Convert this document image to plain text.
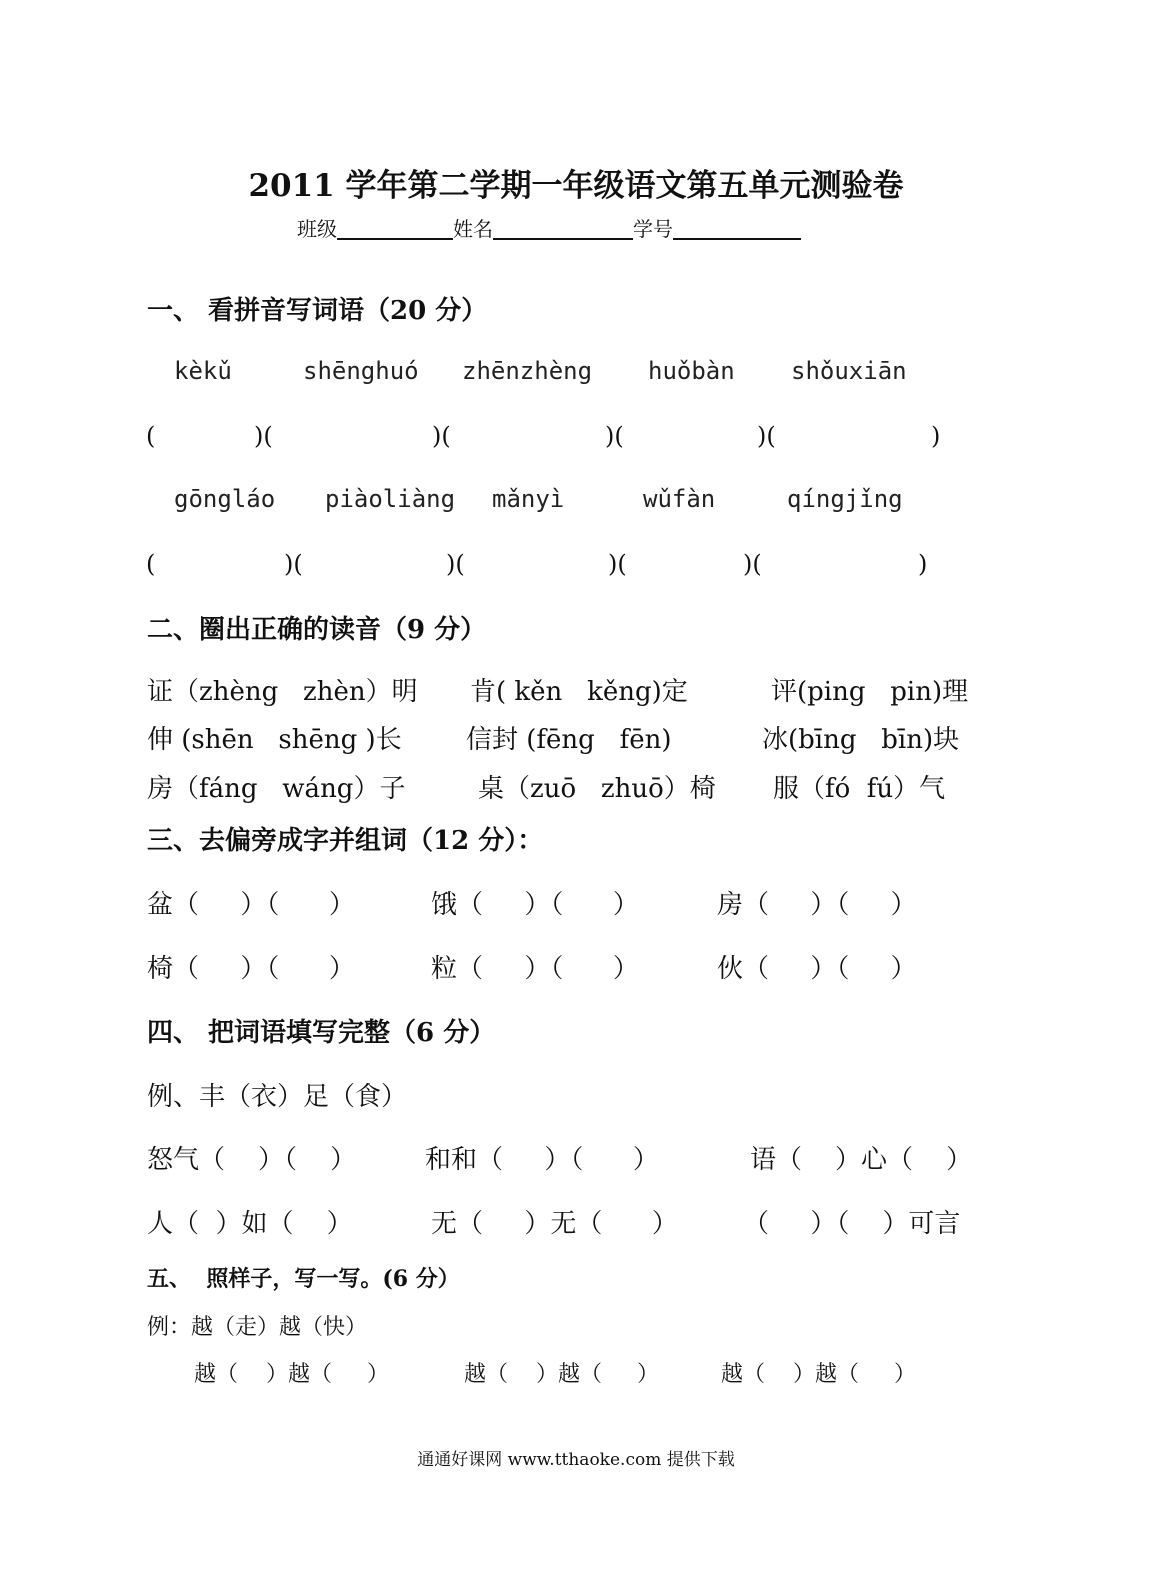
2011 学年第二学期一年级语文第五单元测验卷
班级	姓名	学号
一、 看拼音写词语（20 分）
kèkǔ	shēnghuó zhēnzhèng huǒbàn shǒuxiān
(	)(	)(	)(	)(	)
gōngláo piàoliàng mǎnyì	wǔfàn	qíngjǐng
(	)(	)(	)(	)(	)
二、圈出正确的读音（9 分）
证（zhèng   zhèn）明 肯( kěn   kěng)定	评(ping   pin)理
伸 (shēn   shēng )长 信封 (fēng   fēn)	冰(bīng   bīn)块
房（fáng   wáng）子	桌（zuō   zhuō）椅 服（fó  fú）气
三、去偏旁成字并组词（12 分）：
盆（     ）（      ）	饿（     ）（      ）	房（     ）（     ）
椅（     ）（      ）	粒（     ）（      ）	伙（     ）（     ）
四、 把词语填写完整（6 分）
例、丰（衣）足（食）
怒气（    ）（    ）	和和（     ）（      ）	语（    ）心（    ）
人（  ）如（    ）	无（     ）无（      ）	（     ）（    ）可言
五、  照样子，写一写。(6 分）
例：越（走）越（快）
越（    ）越（     ）	越（    ）越（     ）	越（    ）越（     ）
通通好课网 www.tthaoke.com 提供下载
